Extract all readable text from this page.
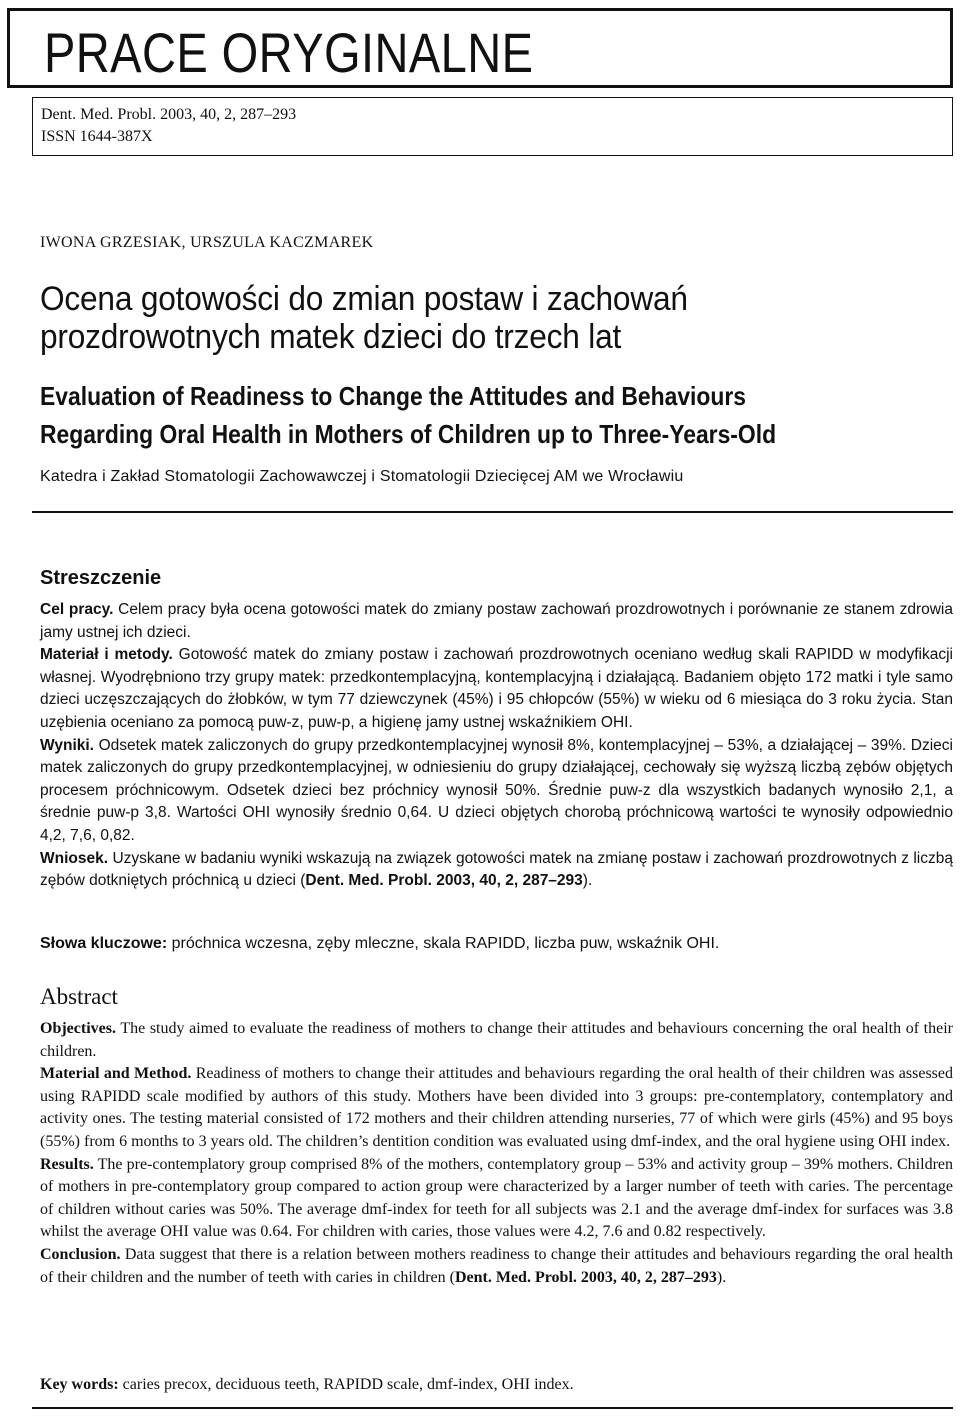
PRACE ORYGINALNE
Dent. Med. Probl. 2003, 40, 2, 287–293
ISSN 1644-387X
IWONA GRZESIAK, URSZULA KACZMAREK
Ocena gotowości do zmian postaw i zachowań prozdrowotnych matek dzieci do trzech lat
Evaluation of Readiness to Change the Attitudes and Behaviours Regarding Oral Health in Mothers of Children up to Three-Years-Old
Katedra i Zakład Stomatologii Zachowawczej i Stomatologii Dziecięcej AM we Wrocławiu
Streszczenie

Cel pracy. Celem pracy była ocena gotowości matek do zmiany postaw zachowań prozdrowotnych i porównanie ze stanem zdrowia jamy ustnej ich dzieci.

Materiał i metody. Gotowość matek do zmiany postaw i zachowań prozdrowotnych oceniano według skali RAPIDD w modyfikacji własnej. Wyodrębniono trzy grupy matek: przedkontemplacyjną, kontemplacyjną i działającą. Badaniem objęto 172 matki i tyle samo dzieci uczęszczających do żłobków, w tym 77 dziewczynek (45%) i 95 chłopców (55%) w wieku od 6 miesiąca do 3 roku życia. Stan uzębienia oceniano za pomocą puw-z, puw-p, a higienę jamy ustnej wskaźnikiem OHI.

Wyniki. Odsetek matek zaliczonych do grupy przedkontemplacyjnej wynosił 8%, kontemplacyjnej – 53%, a działającej – 39%. Dzieci matek zaliczonych do grupy przedkontemplacyjnej, w odniesieniu do grupy działającej, cechowały się wyższą liczbą zębów objętych procesem próchnicowym. Odsetek dzieci bez próchnicy wynosił 50%. Średnie puw-z dla wszystkich badanych wynosiło 2,1, a średnie puw-p 3,8. Wartości OHI wynosiły średnio 0,64. U dzieci objętych chorobą próchnicową wartości te wynosiły odpowiednio 4,2, 7,6, 0,82.

Wniosek. Uzyskane w badaniu wyniki wskazują na związek gotowości matek na zmianę postaw i zachowań prozdrowotnych z liczbą zębów dotkniętych próchnicą u dzieci (Dent. Med. Probl. 2003, 40, 2, 287–293).

Słowa kluczowe: próchnica wczesna, zęby mleczne, skala RAPIDD, liczba puw, wskaźnik OHI.
Abstract

Objectives. The study aimed to evaluate the readiness of mothers to change their attitudes and behaviours concerning the oral health of their children.

Material and Method. Readiness of mothers to change their attitudes and behaviours regarding the oral health of their children was assessed using RAPIDD scale modified by authors of this study. Mothers have been divided into 3 groups: pre-contemplatory, contemplatory and activity ones. The testing material consisted of 172 mothers and their children attending nurseries, 77 of which were girls (45%) and 95 boys (55%) from 6 months to 3 years old. The children’s dentition condition was evaluated using dmf-index, and the oral hygiene using OHI index.

Results. The pre-contemplatory group comprised 8% of the mothers, contemplatory group – 53% and activity group – 39% mothers. Children of mothers in pre-contemplatory group compared to action group were characterized by a larger number of teeth with caries. The percentage of children without caries was 50%. The average dmf-index for teeth for all subjects was 2.1 and the average dmf-index for surfaces was 3.8 whilst the average OHI value was 0.64. For children with caries, those values were 4.2, 7.6 and 0.82 respectively.

Conclusion. Data suggest that there is a relation between mothers readiness to change their attitudes and behaviours regarding the oral health of their children and the number of teeth with caries in children (Dent. Med. Probl. 2003, 40, 2, 287–293).

Key words: caries precox, deciduous teeth, RAPIDD scale, dmf-index, OHI index.
